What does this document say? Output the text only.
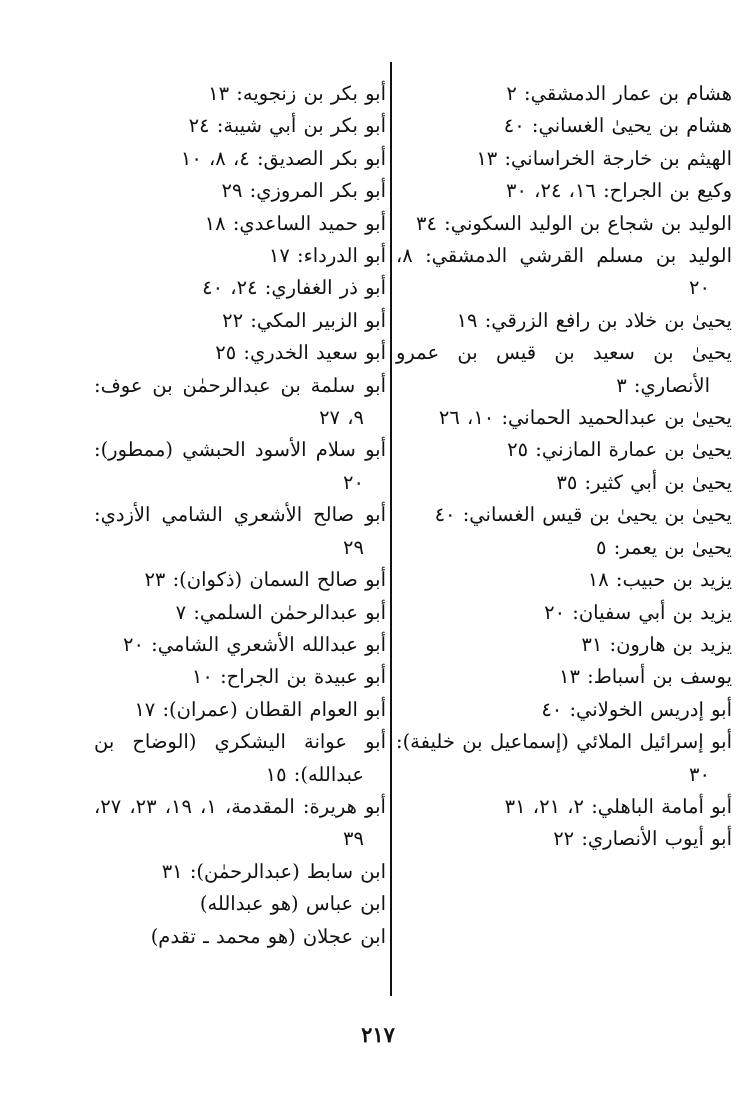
هشام بن عمار الدمشقي: ٢

هشام بن يحيىٰ الغساني: ٤٠

الهيثم بن خارجة الخراساني: ١٣

وكيع بن الجراح: ١٦، ٢٤، ٣٠

الوليد بن شجاع بن الوليد السكوني: ٣٤

الوليد بن مسلم القرشي الدمشقي: ٨، ٢٠

يحيىٰ بن خلاد بن رافع الزرقي: ١٩

يحيىٰ بن سعيد بن قيس بن عمرو الأنصاري: ٣

يحيىٰ بن عبدالحميد الحماني: ١٠، ٢٦

يحيىٰ بن عمارة المازني: ٢٥

يحيىٰ بن أبي كثير: ٣٥

يحيىٰ بن يحيىٰ بن قيس الغساني: ٤٠

يحيىٰ بن يعمر: ٥

يزيد بن حبيب: ١٨

يزيد بن أبي سفيان: ٢٠

يزيد بن هارون: ٣١

يوسف بن أسباط: ١٣

أبو إدريس الخولاني: ٤٠

أبو إسرائيل الملائي (إسماعيل بن خليفة): ٣٠

أبو أمامة الباهلي: ٢، ٢١، ٣١

أبو أيوب الأنصاري: ٢٢

أبو بكر بن زنجويه: ١٣

أبو بكر بن أبي شيبة: ٢٤

أبو بكر الصديق: ٤، ٨، ١٠

أبو بكر المروزي: ٢٩

أبو حميد الساعدي: ١٨

أبو الدرداء: ١٧

أبو ذر الغفاري: ٢٤، ٤٠

أبو الزبير المكي: ٢٢

أبو سعيد الخدري: ٢٥

أبو سلمة بن عبدالرحمٰن بن عوف: ٩، ٢٧

أبو سلام الأسود الحبشي (ممطور): ٢٠

أبو صالح الأشعري الشامي الأزدي: ٢٩

أبو صالح السمان (ذكوان): ٢٣

أبو عبدالرحمٰن السلمي: ٧

أبو عبدالله الأشعري الشامي: ٢٠

أبو عبيدة بن الجراح: ١٠

أبو العوام القطان (عمران): ١٧

أبو عوانة اليشكري (الوضاح بن عبدالله): ١٥

أبو هريرة: المقدمة، ١، ١٩، ٢٣، ٢٧، ٣٩

ابن سابط (عبدالرحمٰن): ٣١

ابن عباس (هو عبدالله)

ابن عجلان (هو محمد ـ تقدم)

٢١٧
